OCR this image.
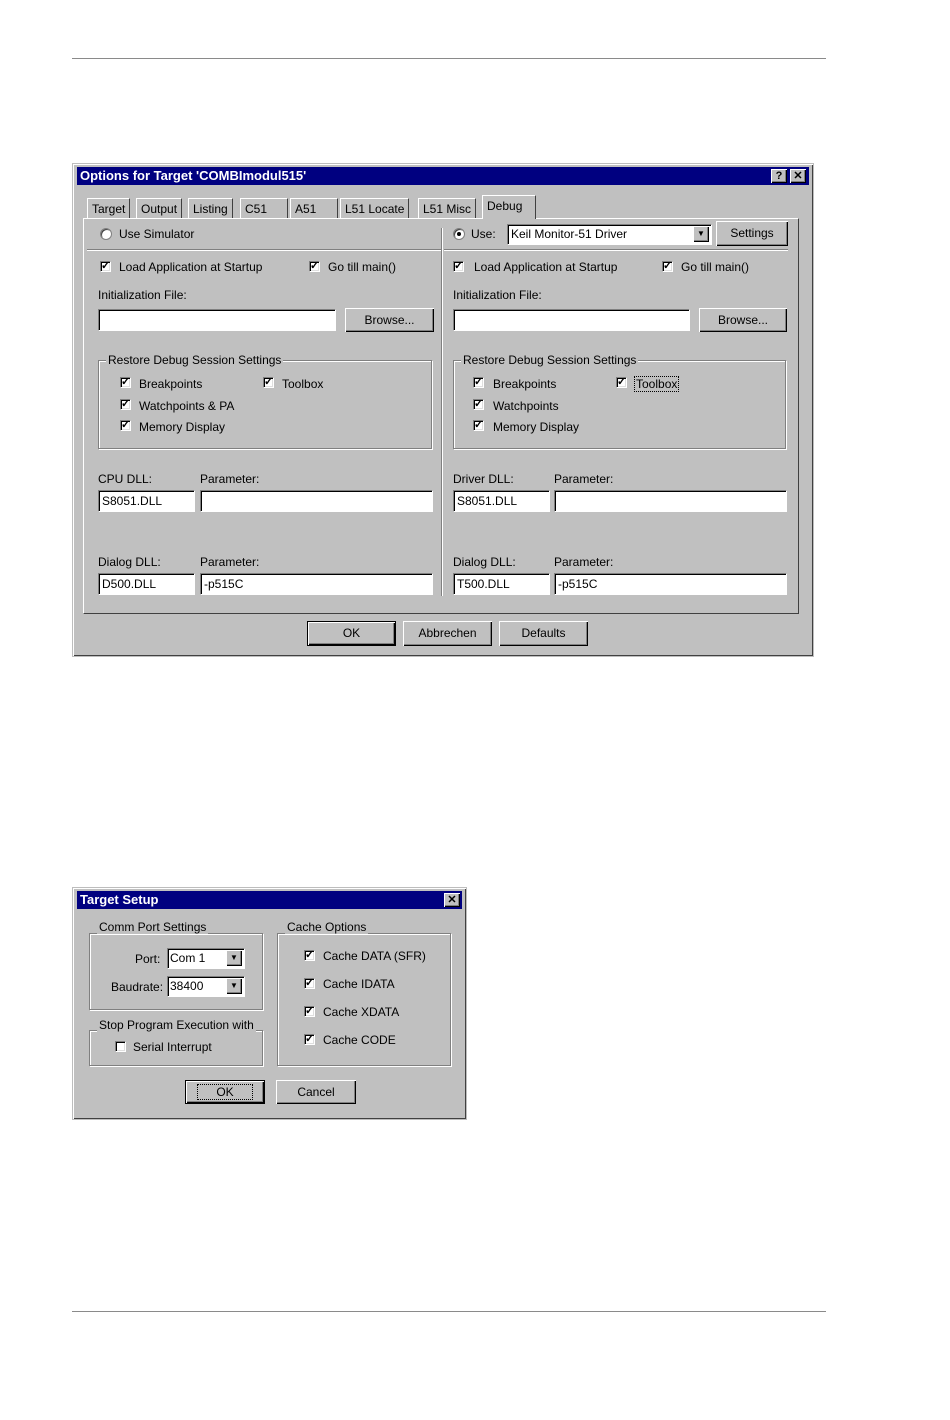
Options for Target 'COMBImodul515'	?	✕
Target	Output	Listing	C51	A51	L51 Locate	L51 Misc	Debug
Use Simulator
✓ Load Application at Startup	✓ Go till main()
Initialization File:
Browse...
Restore Debug Session Settings
✓ Breakpoints	✓ Toolbox
✓ Watchpoints & PA
✓ Memory Display
CPU DLL:	Parameter:
S8051.DLL
Dialog DLL:	Parameter:
D500.DLL	-p515C
Use:	Keil Monitor-51 Driver	▼	Settings
✓ Load Application at Startup	✓ Go till main()
Initialization File:
Browse...
Restore Debug Session Settings
✓ Breakpoints	✓ Toolbox
✓ Watchpoints
✓ Memory Display
Driver DLL:	Parameter:
S8051.DLL
Dialog DLL:	Parameter:
T500.DLL	-p515C
OK	Abbrechen	Defaults
Target Setup	✕
Comm Port Settings
Port: Com 1	▼
Baudrate: 38400	▼
Stop Program Execution with
Serial Interrupt
Cache Options
✓ Cache DATA (SFR)
✓ Cache IDATA
✓ Cache XDATA
✓ Cache CODE
OK	Cancel
